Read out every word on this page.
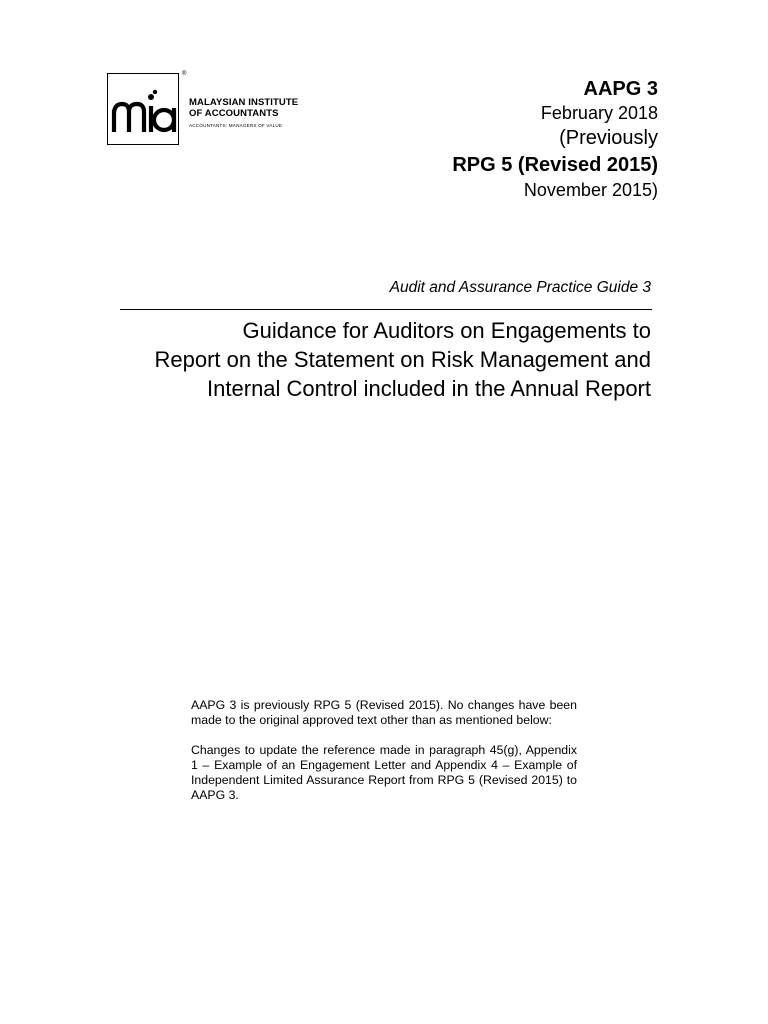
®
MALAYSIAN INSTITUTE
OF ACCOUNTANTS
ACCOUNTANTS: MANAGERS OF VALUE
AAPG 3
February 2018
(Previously
RPG 5 (Revised 2015)
November 2015)
Audit and Assurance Practice Guide 3
Guidance for Auditors on Engagements to
Report on the Statement on Risk Management and
Internal Control included in the Annual Report

AAPG 3 is previously RPG 5 (Revised 2015). No changes have been made to the original approved text other than as mentioned below:

Changes to update the reference made in paragraph 45(g), Appendix 1 – Example of an Engagement Letter and Appendix 4 – Example of Independent Limited Assurance Report from RPG 5 (Revised 2015) to AAPG 3.
